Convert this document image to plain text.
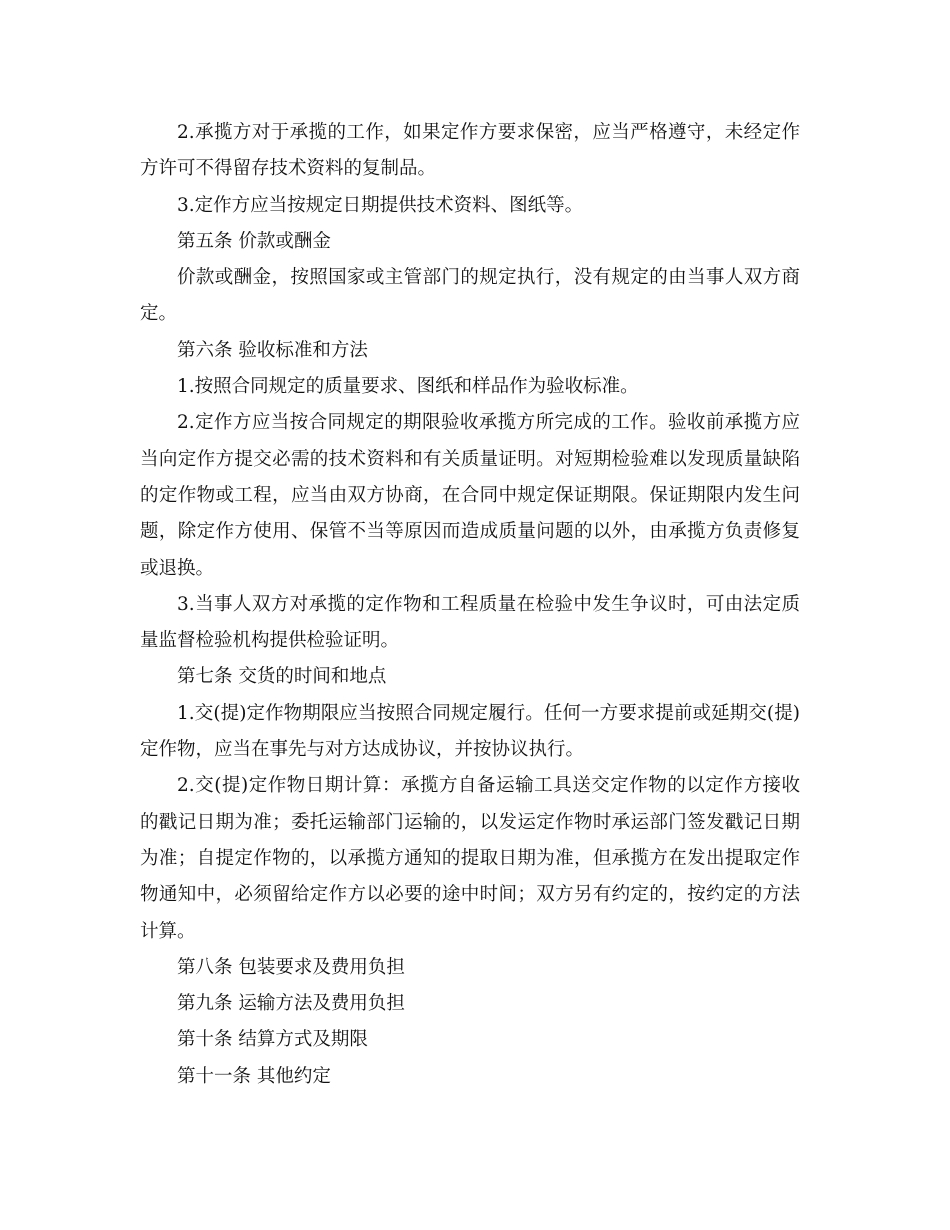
2.承揽方对于承揽的工作，如果定作方要求保密，应当严格遵守，未经定作方许可不得留存技术资料的复制品。

3.定作方应当按规定日期提供技术资料、图纸等。

第五条 价款或酬金

价款或酬金，按照国家或主管部门的规定执行，没有规定的由当事人双方商定。

第六条 验收标准和方法

1.按照合同规定的质量要求、图纸和样品作为验收标准。

2.定作方应当按合同规定的期限验收承揽方所完成的工作。验收前承揽方应当向定作方提交必需的技术资料和有关质量证明。对短期检验难以发现质量缺陷的定作物或工程，应当由双方协商，在合同中规定保证期限。保证期限内发生问题，除定作方使用、保管不当等原因而造成质量问题的以外，由承揽方负责修复或退换。

3.当事人双方对承揽的定作物和工程质量在检验中发生争议时，可由法定质量监督检验机构提供检验证明。

第七条 交货的时间和地点

1.交(提)定作物期限应当按照合同规定履行。任何一方要求提前或延期交(提)定作物，应当在事先与对方达成协议，并按协议执行。

2.交(提)定作物日期计算：承揽方自备运输工具送交定作物的以定作方接收的戳记日期为准；委托运输部门运输的，以发运定作物时承运部门签发戳记日期为准；自提定作物的，以承揽方通知的提取日期为准，但承揽方在发出提取定作物通知中，必须留给定作方以必要的途中时间；双方另有约定的，按约定的方法计算。

第八条 包装要求及费用负担

第九条 运输方法及费用负担

第十条 结算方式及期限

第十一条 其他约定
